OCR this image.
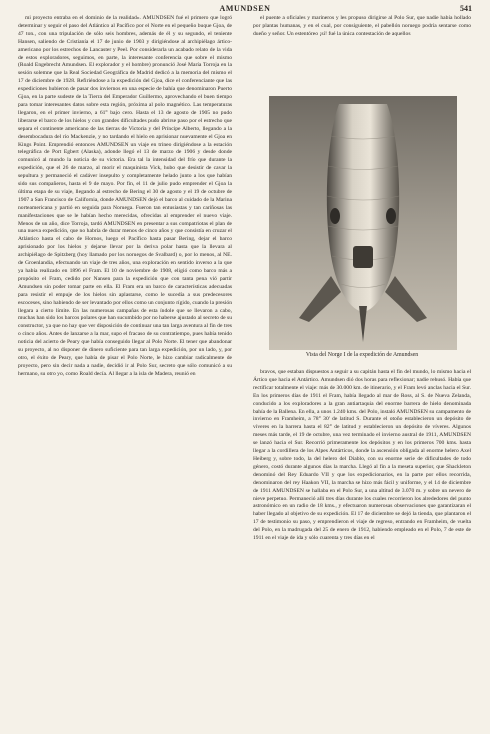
AMUNDSEN	541

mi proyecto entraba en el dominio de la realidad». AMUNDSEN fué el primero que logró determinar y seguir el paso del Atlántico al Pacífico por el Norte en el pequeño buque Gjoa, de 47 ton., con una tripulación de sólo seis hombres, además de él y su segundo, el teniente Hansen, saliendo de Cristianía el 17 de junio de 1903 y dirigiéndose al archipiélago ártico-americano por los estrechos de Lancaster y Peel. Por considerarla un acabado relato de la vida de estos exploradores, seguimos, en parte, la interesante conferencia que sobre el mismo (Roald Engebrecht Amundsen. El explorador y el hombre) pronunció José María Torroja en la sesión solemne que la Real Sociedad Geográfica de Madrid dedicó a la memoria del mismo el 17 de diciembre de 1928. Refiriéndose a la expedición del Gjoa, dice el conferenciante que las expediciones hubieron de pasar dos inviernos en una especie de bahía que denominaron Puerto Gjoa, en la parte sudeste de la Tierra del Emperador Guillermo, aprovechando el buen tiempo para tomar interesantes datos sobre esta región, próxima al polo magnético. Las temperaturas llegaron, en el primer invierno, a 61° bajo cero. Hasta el 13 de agosto de 1905 no pudo liberarse el barco de los hielos y con grandes dificultades pudo abrirse paso por el estrecho que separa el continente americano de las tierras de Victoria y del Príncipe Alberto, llegando a la desembocadura del río Mackenzie, y no tardando el hielo en aprisionar nuevamente el Gjoa en Kings Point. Emprendió entonces AMUNDSEN un viaje en trineo dirigiéndose a la estación telegráfica de Port Egbert (Alaska), adonde llegó el 13 de marzo de 1906 y desde donde comunicó al mundo la noticia de su victoria. Era tal la intensidad del frío que durante la expedición, que el 26 de marzo, al morir el maquinista Vick, hubo que desistir de cavar la sepultura y permaneció el cadáver insepulto y completamente helado junto a los que habían sido sus compañeros, hasta el 9 de mayo. Por fin, el 11 de julio pudo emprender el Gjoa la última etapa de su viaje, llegando al estrecho de Bering el 30 de agosto y el 19 de octubre de 1907 a San Francisco de California, donde AMUNDSEN dejó el barco al cuidado de la Marina norteamericana y partió en seguida para Noruega. Fueron tan entusiastas y tan cariñosas las manifestaciones que se le habían hecho merecidas, ofrecidas al emprender el nuevo viaje. Menos de un año, dice Torroja, tardó AMUNDSEN en presentar a sus compatriotas el plan de una nueva expedición, que no habría de durar menos de cinco años y que consistía en cruzar el Atlántico hasta el cabo de Hornos, luego el Pacífico hasta pasar Bering, dejar el barco aprisionado por los hielos y dejarse llevar por la deriva polar hasta que la llevara al archipiélago de Spitzberg (hoy llamado por los noruegos de Svalbard) o, por lo menos, al NE. de Groenlandia, efectuando un viaje de tres años, una exploración en sentido inverso a la que ya había realizado en 1896 el Fram. El 10 de noviembre de 1908, eligió como barco más a propósito el Fram, cedido por Nansen para la expedición que con tanta pena vió partir Amundsen sin poder tomar parte en ella. El Fram era un barco de características adecuadas para resistir el empuje de los hielos sin aplastarse, como le sucedía a sus predecesores escoceses, sino habiendo de ser levantado por ellos como un conjunto rígido, cuando la presión llegara a cierto límite. En las numerosas campañas de esta índole que se llevaron a cabo, muchas han sido los barcos polares que han sucumbido por no haberse ajustado al secreto de su constructor, ya que no hay que ver disposición de continuar una tan larga aventura al fin de tres o cinco años. Antes de lanzarse a la mar, supo el fracaso de su contratiempo, pues había tenido noticia del acierto de Peary que había conseguido llegar al Polo Norte. El tener que abandonar su proyecto, al no disponer de dinero suficiente para tan larga expedición, por un lado, y, por otro, el éxito de Peary, que había de pisar el Polo Norte, le hizo cambiar radicalmente de proyecto, pero sin decir nada a nadie, decidió ir al Polo Sur, secreto que sólo comunicó a su hermano, su otro yo, como Roald decía. Al llegar a la isla de Madera, reunió en

el puente a oficiales y marineros y les propuso dirigirse al Polo Sur, que nadie había hollado por plantas humanas, y en el cual, por consiguiente, el pabellón noruego podría sentarse como dueño y señor. Un estentóreo ¡sí! fué la única contestación de aquellos

Vista del Norge I de la expedición de Amundsen

bravos, que estaban dispuestos a seguir a su capitán hasta el fin del mundo, lo mismo hacia el Ártico que hacia el Antártico. Amundsen dió dos horas para reflexionar; nadie rehusó. Había que rectificar totalmente el viaje: más de 30.000 km. de itinerario, y el Fram levó anclas hacia el Sur. En los primeros días de 1911 el Fram, había llegado al mar de Ross, al S. de Nueva Zelanda, conducido a los exploradores a la gran antiartaquia del enorme barrera de hielo denominada bahía de la Ballena. En ella, a unos 1.240 kms. del Polo, instaló AMUNDSEN su campamento de invierno en Framheim, a 78° 30' de latitud S. Durante el otoño establecieron un depósito de víveres en la barrera hasta el 82° de latitud y establecieron un depósito de víveres. Algunos meses más tarde, el 19 de octubre, una vez terminado el invierno austral de 1911, AMUNDSEN se lanzó hacia el Sur. Recorrió primeramente los depósitos y en los primeros 700 kms. hasta llegar a la cordillera de los Alpes Antárticos, donde la ascensión obligada al enorme helero Axel Heiberg y, sobre todo, la del helero del Diablo, con su enorme serie de dificultades de todo género, costó durante algunos días la marcha. Llegó al fin a la meseta superior, que Shackleton denominó del Rey Eduardo VII y que los expedicionarios, en la parte por ellos recorrida, denominaron del rey Haakon VII, la marcha se hizo más fácil y uniforme, y el 14 de diciembre de 1911 AMUNDSEN se hallaba en el Polo Sur, a una altitud de 3.070 m. y sobre un nevero de nieve perpetuo. Permaneció allí tres días durante los cuales recorrieron los alrededores del punto astronómico en un radio de 18 kms., y efectuaron numerosas observaciones que garantizaran el haber llegado al objetivo de su expedición. El 17 de diciembre se dejó la tienda, que plantaron el 17 de testimonio su paso, y emprendieron el viaje de regreso, entrando en Framheim, de vuelta del Polo, en la madrugada del 25 de enero de 1912, habiendo empleado en el Polo, 7 de este de 1911 en el viaje de ida y sólo cuarenta y tres días en el
